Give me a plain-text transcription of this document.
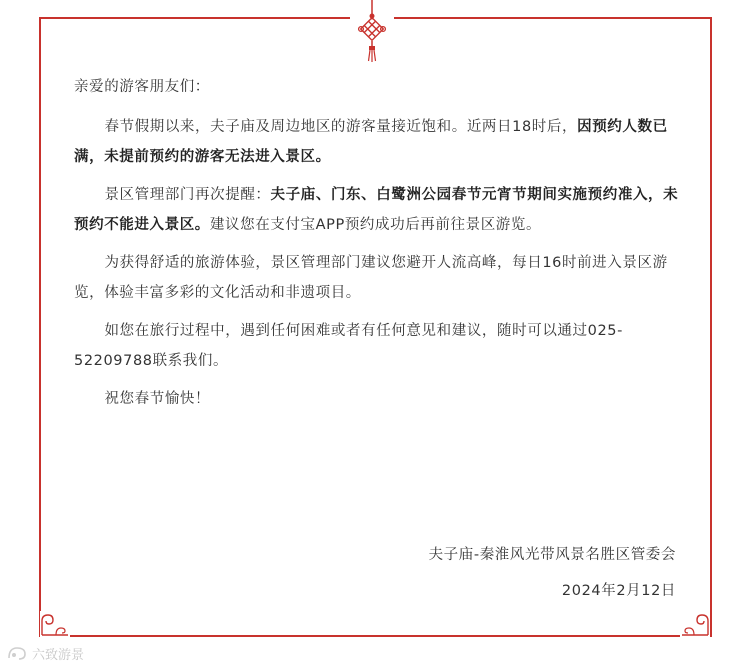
亲爱的游客朋友们：

春节假期以来，夫子庙及周边地区的游客量接近饱和。近两日18时后，因预约人数已满，未提前预约的游客无法进入景区。

景区管理部门再次提醒：夫子庙、门东、白鹭洲公园春节元宵节期间实施预约准入，未预约不能进入景区。建议您在支付宝APP预约成功后再前往景区游览。

为获得舒适的旅游体验，景区管理部门建议您避开人流高峰，每日16时前进入景区游览，体验丰富多彩的文化活动和非遗项目。

如您在旅行过程中，遇到任何困难或者有任何意见和建议，随时可以通过025-52209788联系我们。

祝您春节愉快！

夫子庙-秦淮风光带风景名胜区管委会
2024年2月12日
六致游景
